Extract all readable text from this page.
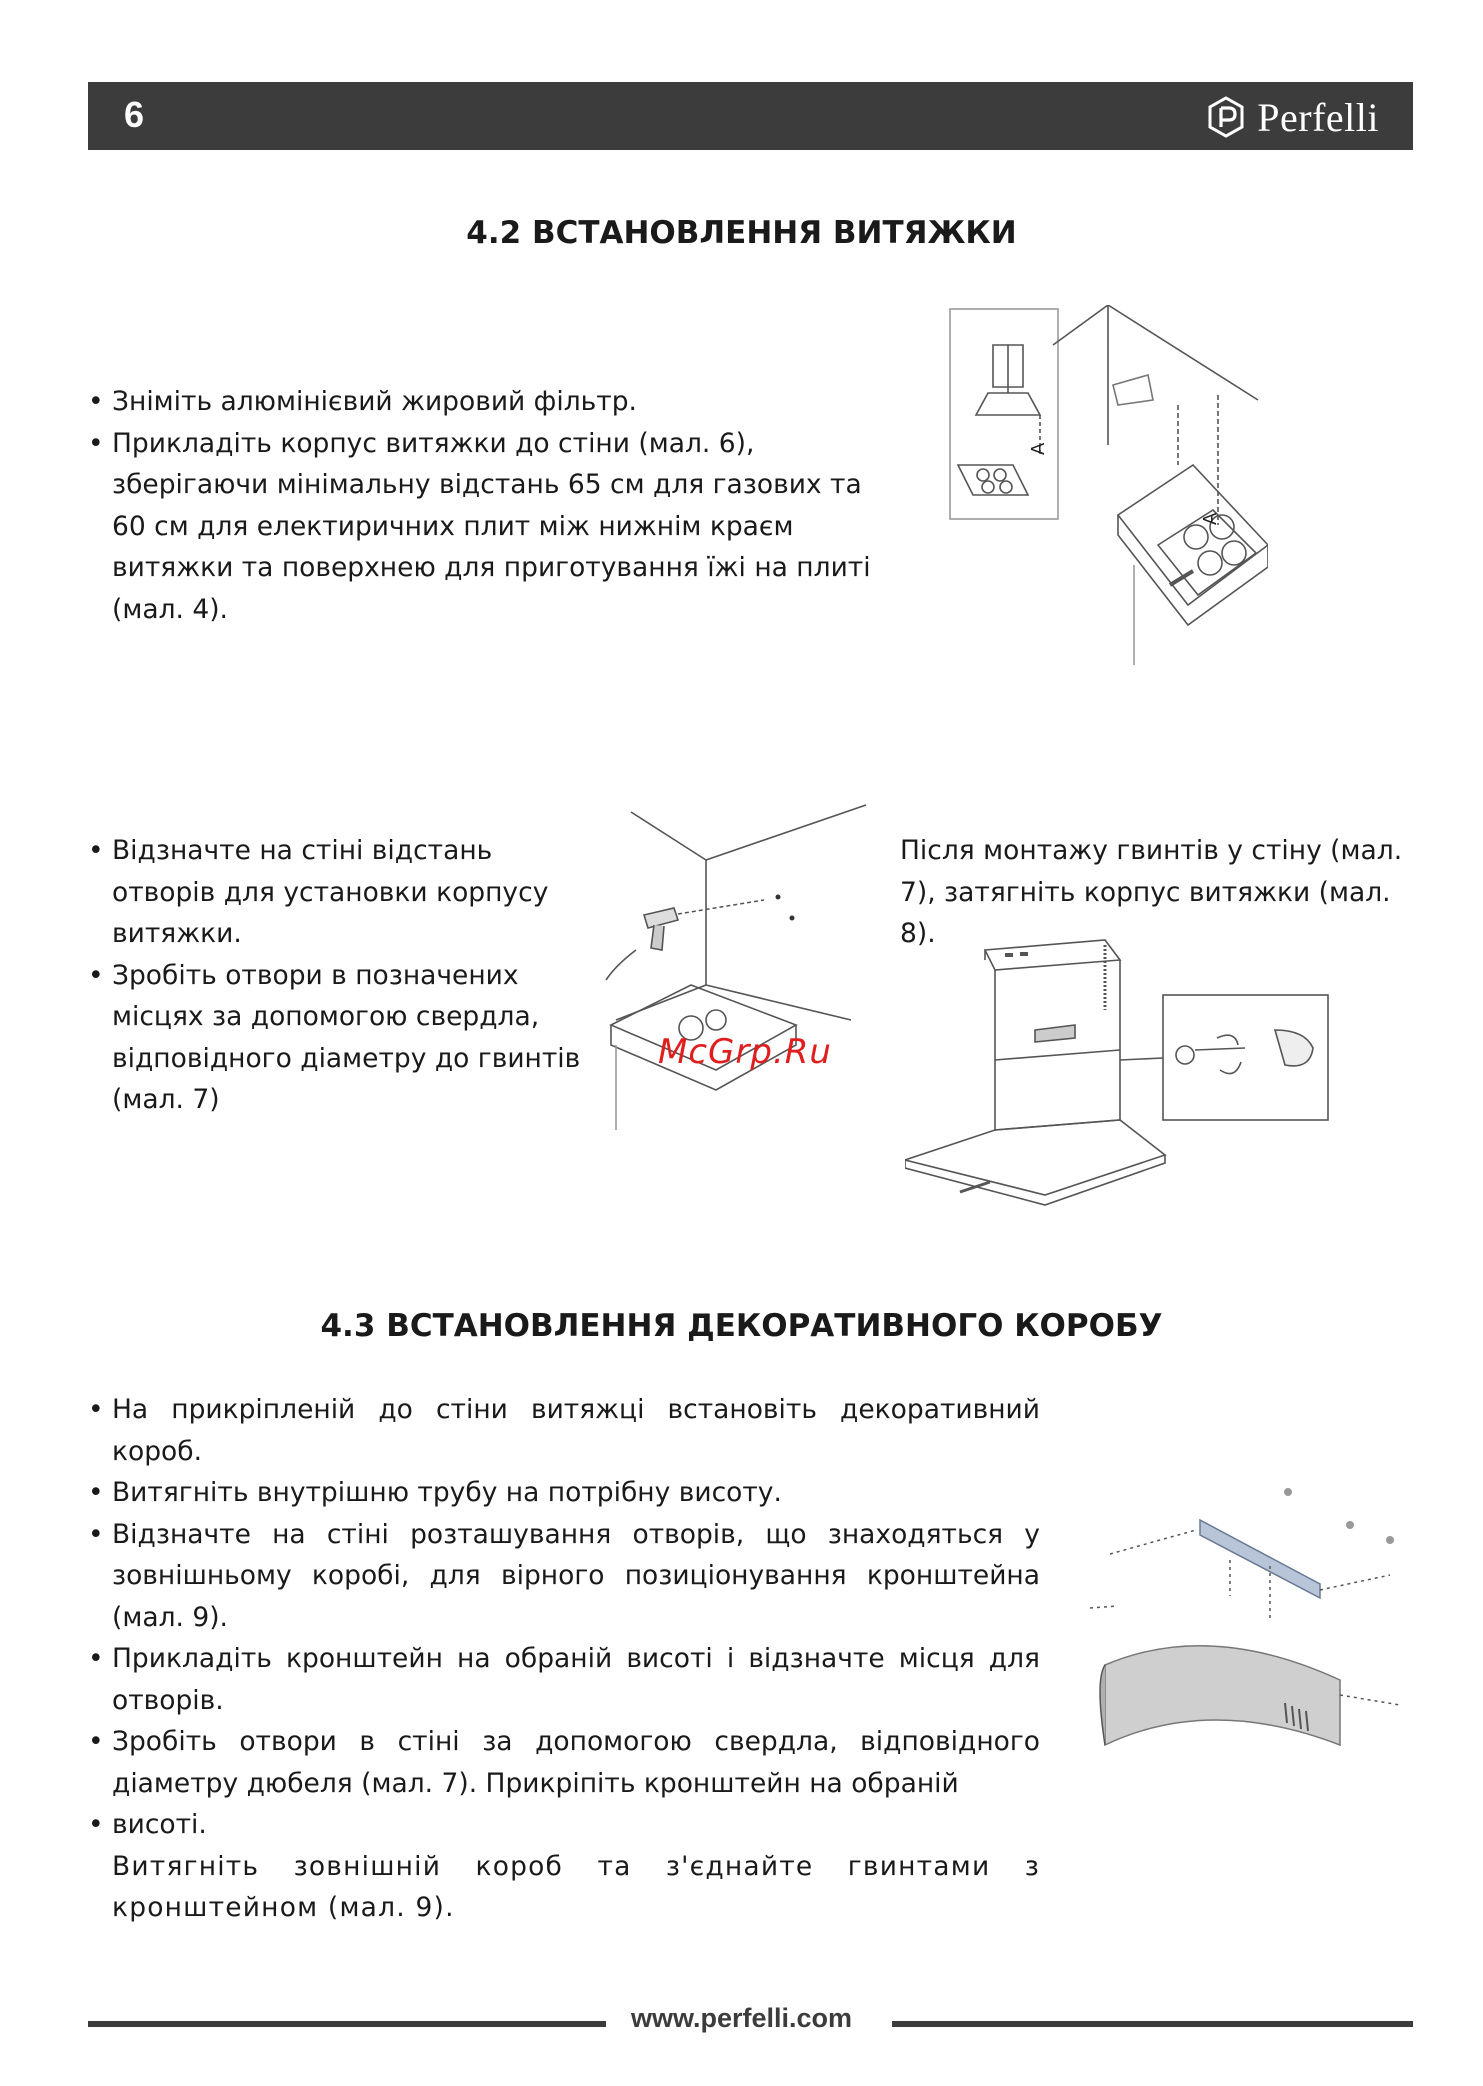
6	Perfelli
4.2 ВСТАНОВЛЕННЯ ВИТЯЖКИ
• Зніміть алюмінієвий жировий фільтр.
• Прикладіть корпус витяжки до стіни (мал. 6), зберігаючи мінімальну відстань 65 см для газових та 60 см для електиричних плит між нижнім краєм витяжки та поверхнею для приготування їжі на плиті (мал. 4).
A
A
• Відзначте на стіні відстань отворів для установки корпусу витяжки.
• Зробіть отвори в позначених місцях за допомогою свердла, відповідного діаметру до гвинтів (мал. 7)
McGrp.Ru

Після монтажу гвинтів у стіну (мал. 7), затягніть корпус витяжки (мал. 8).

4.3 ВСТАНОВЛЕННЯ ДЕКОРАТИВНОГО КОРОБУ
• На прикріпленій до стіни витяжці встановіть декоративний короб.
• Витягніть внутрішню трубу на потрібну висоту.
• Відзначте на стіні розташування отворів, що знаходяться у зовнішньому коробі, для вірного позиціонування кронштейна (мал. 9).
• Прикладіть кронштейн на обраній висоті і відзначте місця для отворів.
• Зробіть отвори в стіні за допомогою свердла, відповідного діаметру дюбеля (мал. 7). Прикріпіть кронштейн на обраній
• висоті.
Витягніть зовнішній короб та з'єднайте гвинтами з кронштейном (мал. 9).
www.perfelli.com
